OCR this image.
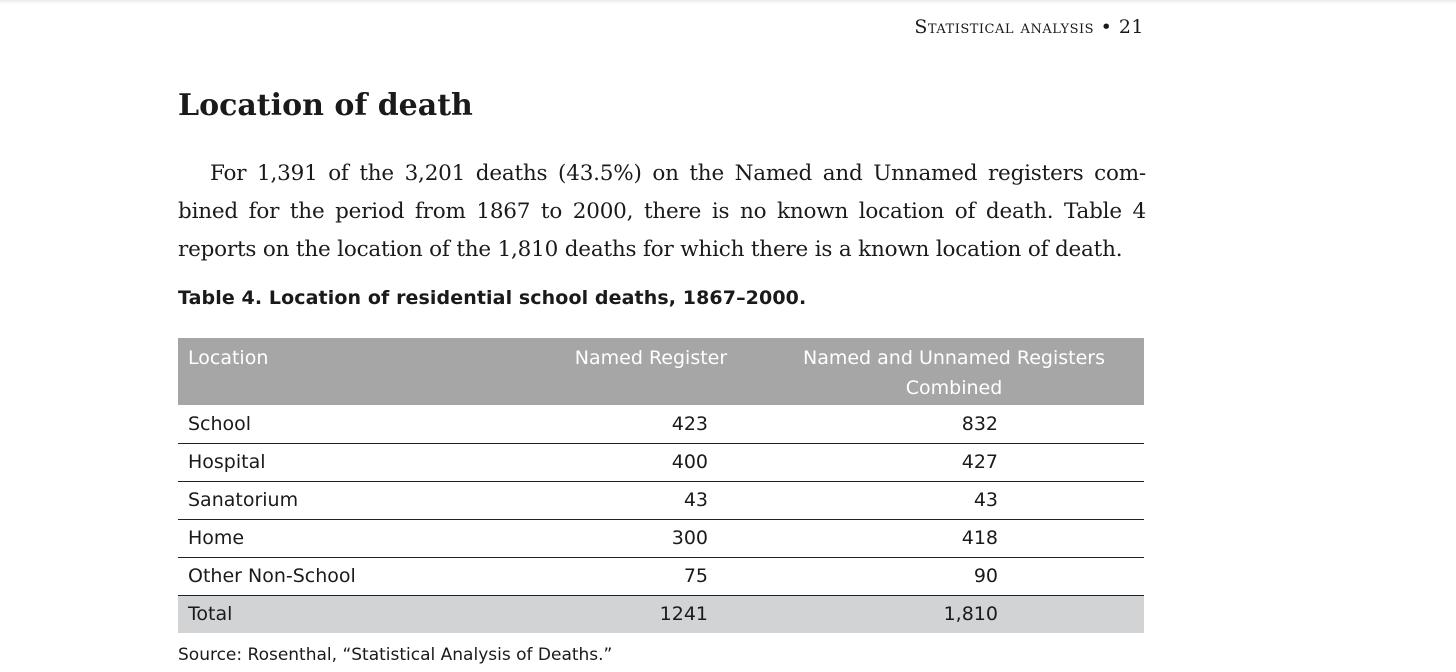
Statistical analysis • 21
Location of death

For 1,391 of the 3,201 deaths (43.5%) on the Named and Unnamed registers com-bined for the period from 1867 to 2000, there is no known location of death. Table 4 reports on the location of the 1,810 deaths for which there is a known location of death.

Table 4. Location of residential school deaths, 1867–2000.

Location	Named Register	Named and Unnamed Registers Combined
School	423	832
Hospital	400	427
Sanatorium	43	43
Home	300	418
Other Non-School	75	90
Total	1241	1,810

Source: Rosenthal, “Statistical Analysis of Deaths.”
